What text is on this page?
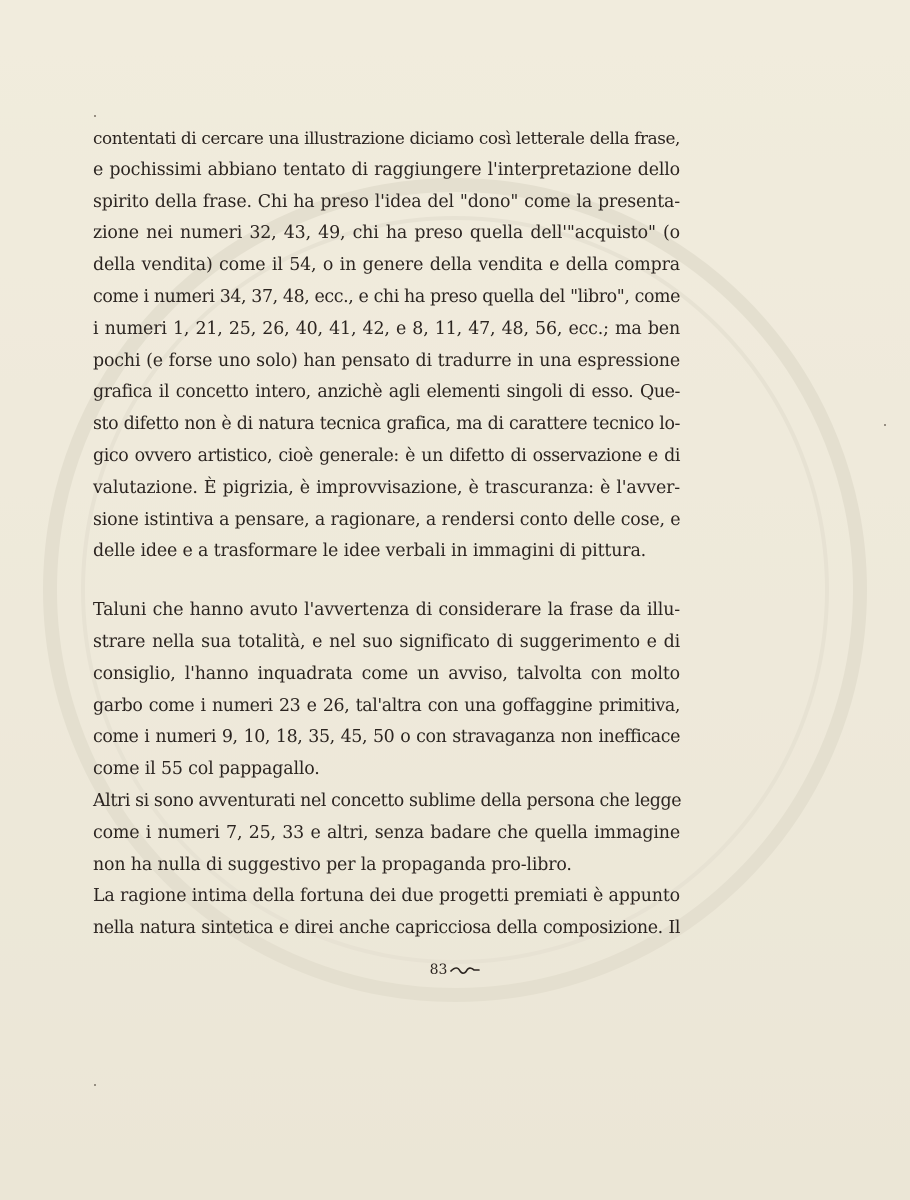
contentati di cercare una illustrazione diciamo così letterale della frase,
e pochissimi abbiano tentato di raggiungere l'interpretazione dello
spirito della frase. Chi ha preso l'idea del "dono" come la presenta-
zione nei numeri 32, 43, 49, chi ha preso quella dell'"acquisto" (o
della vendita) come il 54, o in genere della vendita e della compra
come i numeri 34, 37, 48, ecc., e chi ha preso quella del "libro", come
i numeri 1, 21, 25, 26, 40, 41, 42, e 8, 11, 47, 48, 56, ecc.; ma ben
pochi (e forse uno solo) han pensato di tradurre in una espressione
grafica il concetto intero, anzichè agli elementi singoli di esso. Que-
sto difetto non è di natura tecnica grafica, ma di carattere tecnico lo-
gico ovvero artistico, cioè generale: è un difetto di osservazione e di
valutazione. È pigrizia, è improvvisazione, è trascuranza: è l'avver-
sione istintiva a pensare, a ragionare, a rendersi conto delle cose, e
delle idee e a trasformare le idee verbali in immagini di pittura.
Taluni che hanno avuto l'avvertenza di considerare la frase da illu-
strare nella sua totalità, e nel suo significato di suggerimento e di
consiglio, l'hanno inquadrata come un avviso, talvolta con molto
garbo come i numeri 23 e 26, tal'altra con una goffaggine primitiva,
come i numeri 9, 10, 18, 35, 45, 50 o con stravaganza non inefficace
come il 55 col pappagallo.
Altri si sono avventurati nel concetto sublime della persona che legge
come i numeri 7, 25, 33 e altri, senza badare che quella immagine
non ha nulla di suggestivo per la propaganda pro-libro.
La ragione intima della fortuna dei due progetti premiati è appunto
nella natura sintetica e direi anche capricciosa della composizione. Il
83
